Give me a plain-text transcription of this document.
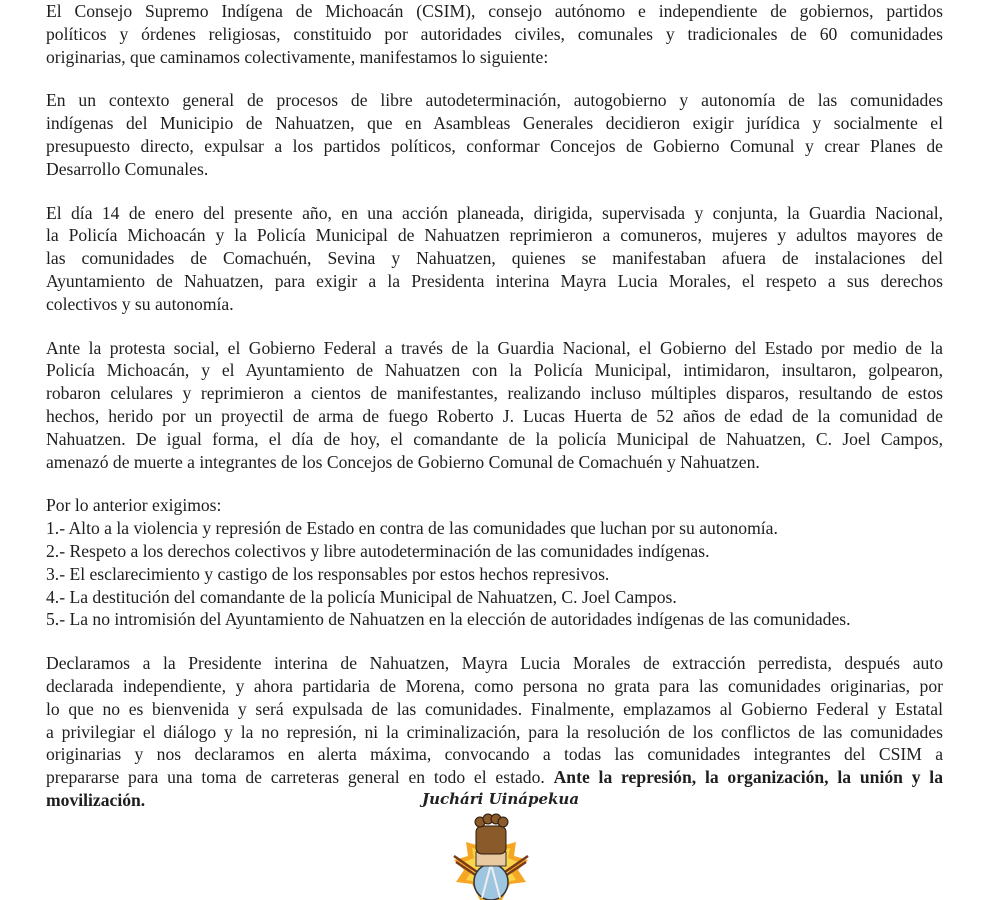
El Consejo Supremo Indígena de Michoacán (CSIM), consejo autónomo e independiente de gobiernos, partidos
políticos y órdenes religiosas, constituido por autoridades civiles, comunales y tradicionales de 60 comunidades
originarias, que caminamos colectivamente, manifestamos lo siguiente:
En un contexto general de procesos de libre autodeterminación, autogobierno y autonomía de las comunidades
indígenas del Municipio de Nahuatzen, que en Asambleas Generales decidieron exigir jurídica y socialmente el
presupuesto directo, expulsar a los partidos políticos, conformar Concejos de Gobierno Comunal y crear Planes de
Desarrollo Comunales.
El día 14 de enero del presente año, en una acción planeada, dirigida, supervisada y conjunta, la Guardia Nacional,
la Policía Michoacán y la Policía Municipal de Nahuatzen reprimieron a comuneros, mujeres y adultos mayores de
las comunidades de Comachuén, Sevina y Nahuatzen, quienes se manifestaban afuera de instalaciones del
Ayuntamiento de Nahuatzen, para exigir a la Presidenta interina Mayra Lucia Morales, el respeto a sus derechos
colectivos y su autonomía.
Ante la protesta social, el Gobierno Federal a través de la Guardia Nacional, el Gobierno del Estado por medio de la
Policía Michoacán, y el Ayuntamiento de Nahuatzen con la Policía Municipal, intimidaron, insultaron, golpearon,
robaron celulares y reprimieron a cientos de manifestantes, realizando incluso múltiples disparos, resultando de estos
hechos, herido por un proyectil de arma de fuego Roberto J. Lucas Huerta de 52 años de edad de la comunidad de
Nahuatzen. De igual forma, el día de hoy, el comandante de la policía Municipal de Nahuatzen, C. Joel Campos,
amenazó de muerte a integrantes de los Concejos de Gobierno Comunal de Comachuén y Nahuatzen.
Por lo anterior exigimos:
1.- Alto a la violencia y represión de Estado en contra de las comunidades que luchan por su autonomía.
2.- Respeto a los derechos colectivos y libre autodeterminación de las comunidades indígenas.
3.- El esclarecimiento y castigo de los responsables por estos hechos represivos.
4.- La destitución del comandante de la policía Municipal de Nahuatzen, C. Joel Campos.
5.- La no intromisión del Ayuntamiento de Nahuatzen en la elección de autoridades indígenas de las comunidades.
Declaramos a la Presidente interina de Nahuatzen, Mayra Lucia Morales de extracción perredista, después auto
declarada independiente, y ahora partidaria de Morena, como persona no grata para las comunidades originarias, por
lo que no es bienvenida y será expulsada de las comunidades. Finalmente, emplazamos al Gobierno Federal y Estatal
a privilegiar el diálogo y la no represión, ni la criminalización, para la resolución de los conflictos de las comunidades
originarias y nos declaramos en alerta máxima, convocando a todas las comunidades integrantes del CSIM a
prepararse para una toma de carreteras general en todo el estado. Ante la represión, la organización, la unión y la
movilización.	Juchári Uinápekua
